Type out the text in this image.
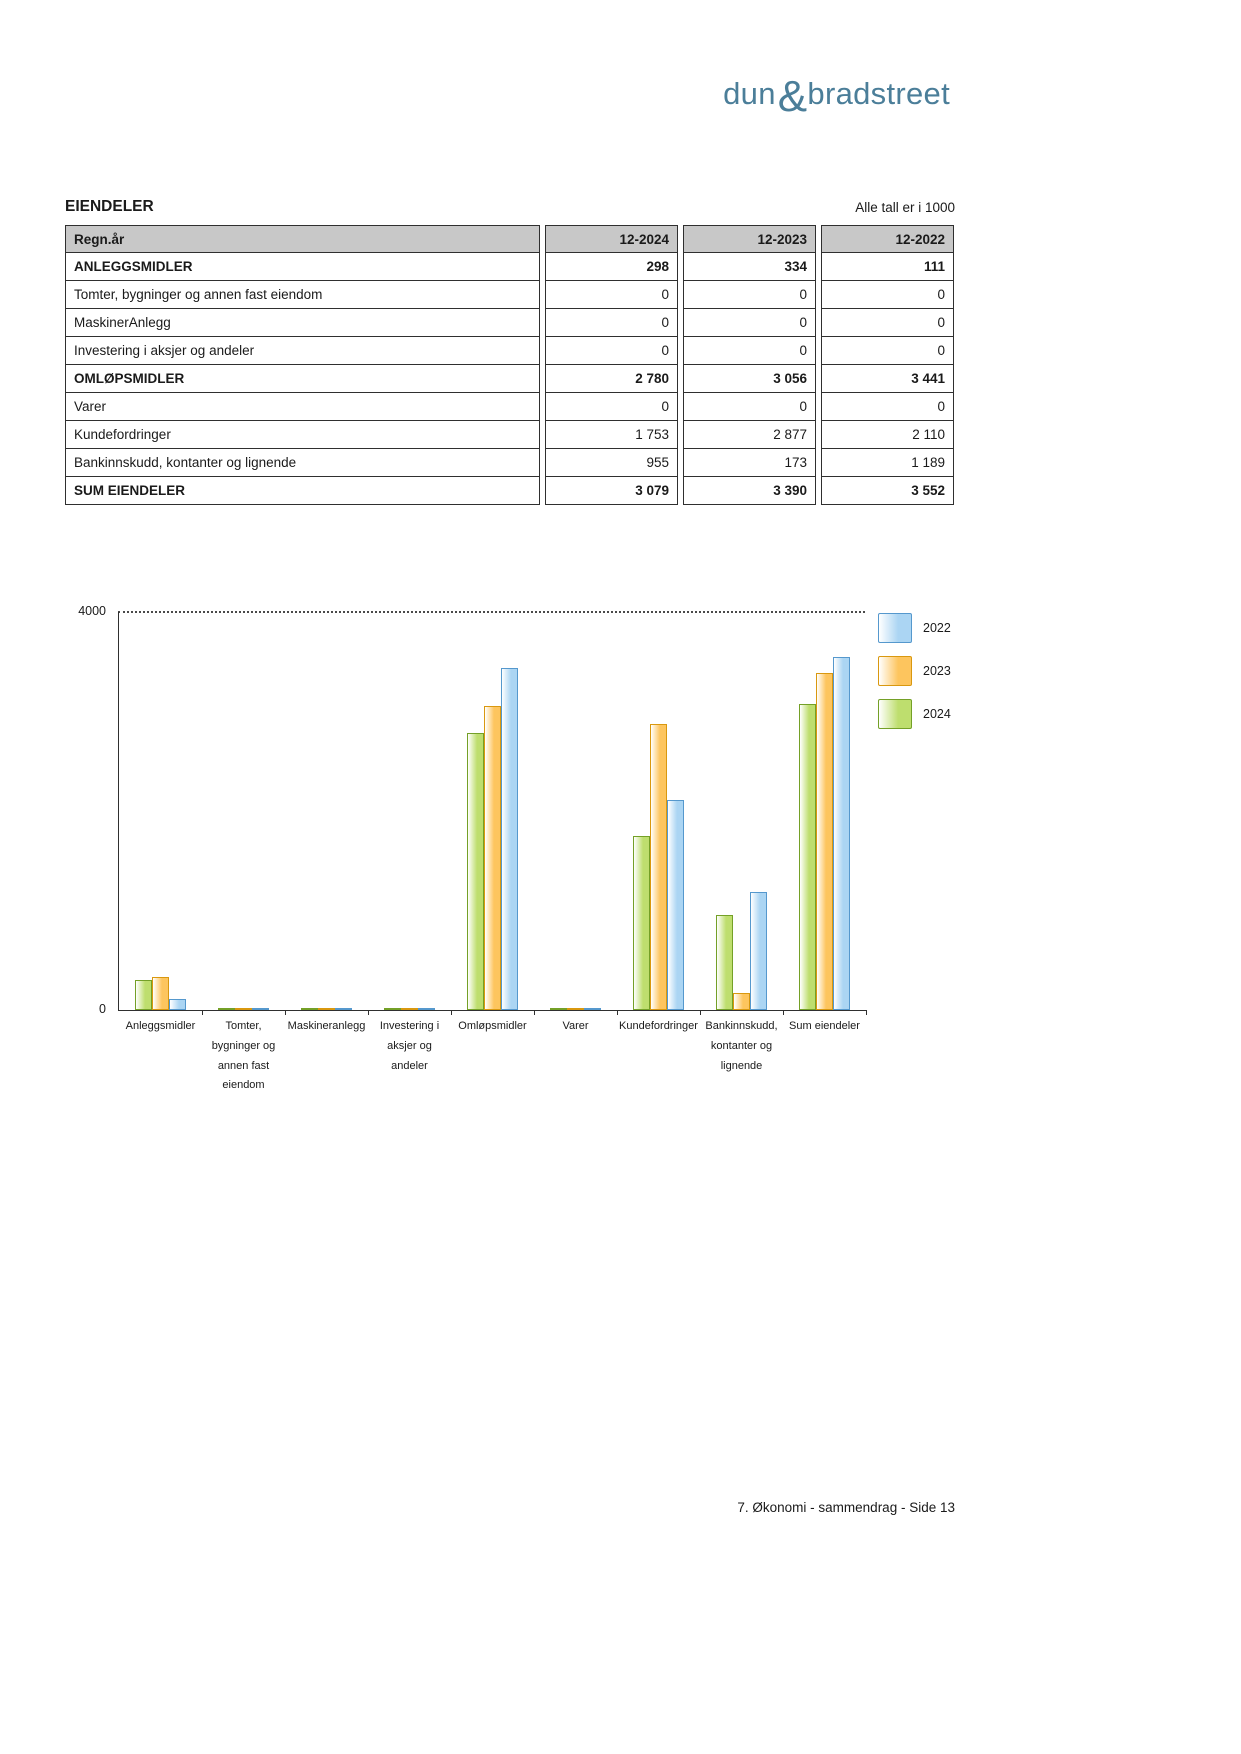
dun&bradstreet
EIENDELER	Alle tall er i 1000
Regn.år	12-2024	12-2023	12-2022
ANLEGGSMIDLER	298	334	111
Tomter, bygninger og annen fast eiendom	0	0	0
MaskinerAnlegg	0	0	0
Investering i aksjer og andeler	0	0	0
OMLØPSMIDLER	2 780	3 056	3 441
Varer	0	0	0
Kundefordringer	1 753	2 877	2 110
Bankinnskudd, kontanter og lignende	955	173	1 189
SUM EIENDELER	3 079	3 390	3 552
4000
0
Anleggsmidler	Tomter, bygninger og annen fast eiendom
Maskineranlegg	Investering i aksjer og andeler
Omløpsmidler	Varer	Kundefordringer Bankinnskudd, kontanter og lignende
Sum eiendeler
2022
2023
2024
7. Økonomi - sammendrag - Side 13
